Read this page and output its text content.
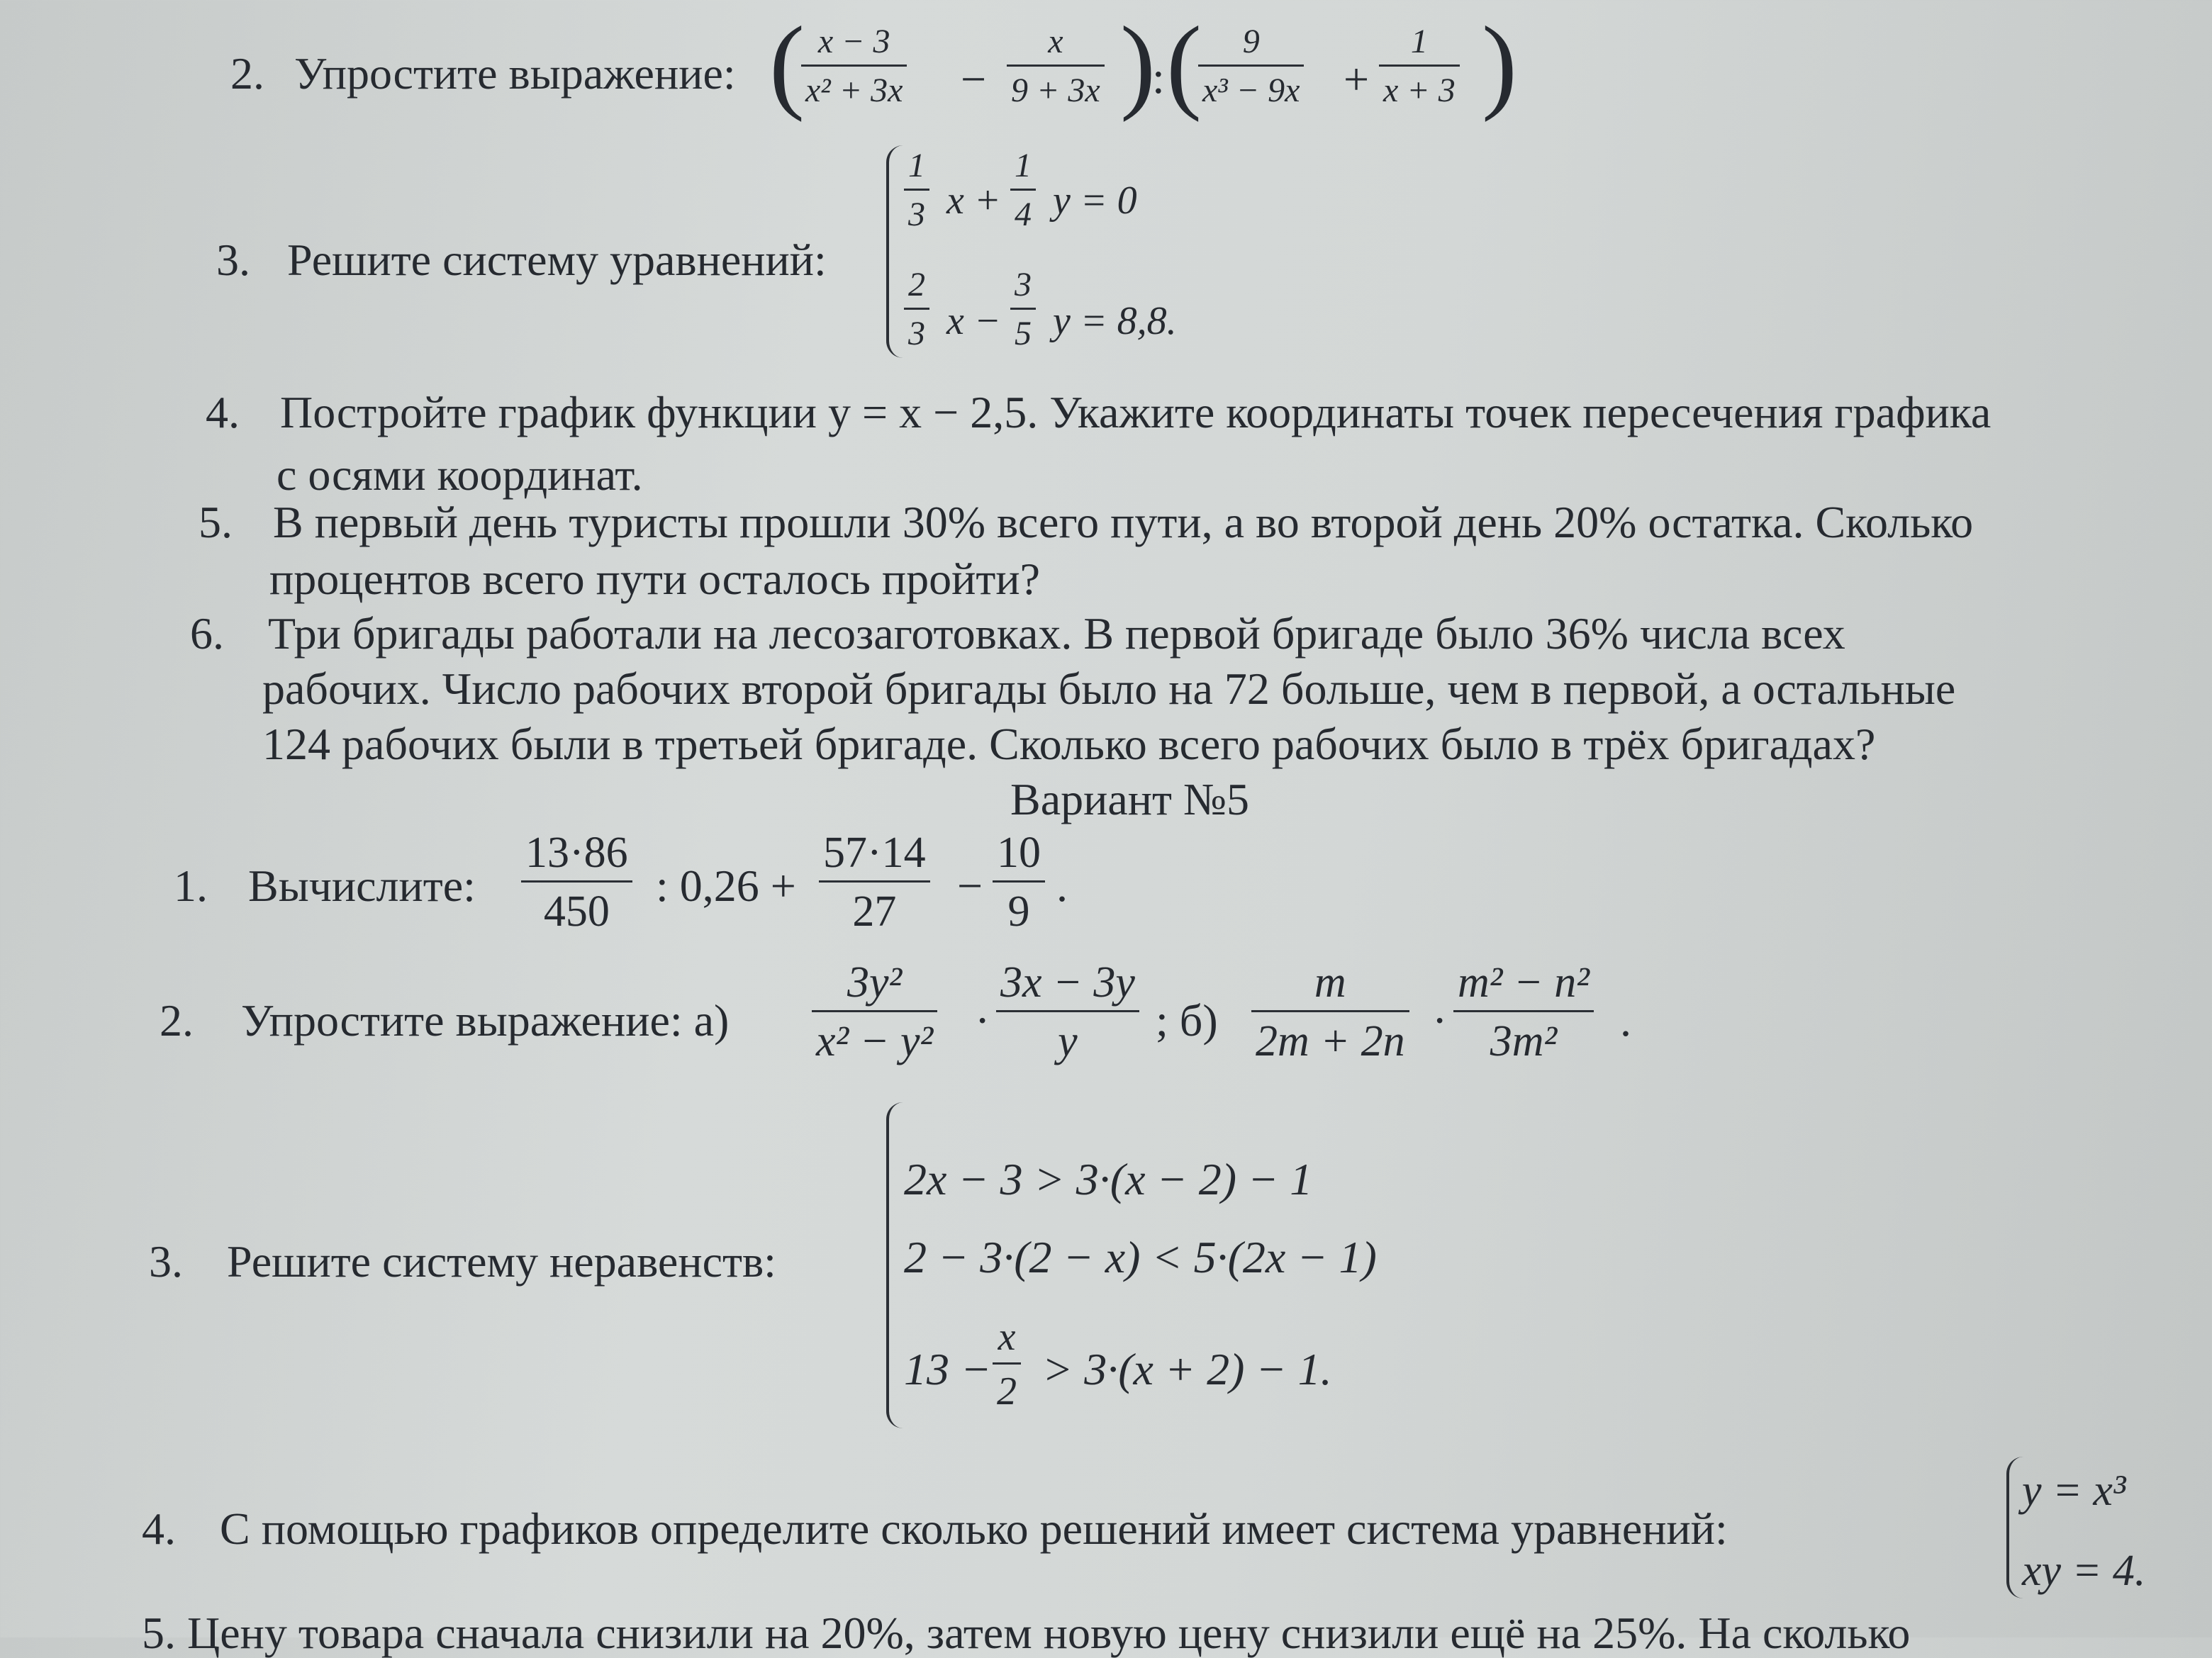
2. Упростите выражение: (
$\frac{x - 3}{\text{x² + 3x}} - \frac{x}{9 + 3x}$ )
: (
$\frac{9}{\text{x³ − 9x}} + \frac{1}{x + 3}$ )
3. Решите систему уравнений:
$\frac{1}{3}$ $x + \frac{1}{4}$ y = 0
$\frac{2}{3}$ $x - \frac{3}{5}$ y = 8,8.
4. Постройте график функции y = x − 2,5. Укажите координаты точек пересечения графика
с осями координат.
5. В первый день туристы прошли 30% всего пути, а во второй день 20% остатка. Сколько
процентов всего пути осталось пройти?
6. Три бригады работали на лесозаготовках. В первой бригаде было 36% числа всех
рабочих. Число рабочих второй бригады было на 72 больше, чем в первой, а остальные
124 рабочих были в третьей бригаде. Сколько всего рабочих было в трёх бригадах?
Вариант №5
1. Вычислите: $\frac{13\cdot 86}{450}$ : $0,26 + \frac{57\cdot 14}{27} - \frac{10}{9}$ .
2. Упростите выражение: $а) \frac{\text{3y²}}{\text{x² − y²}} \cdot \frac{3x - 3y}{y}$ ; $б) \frac{m}{2m + 2n} \cdot \frac{\text{m² − n²}}{\text{3m²}}$ .
3. Решите систему неравенств:
2x − 3 > 3·(x − 2) − 1
2 − 3·(2 − x) < 5·(2x − 1)
$13 - \frac{x}{2} > 3\cdot(x + 2) - 1$.
4. С помощью графиков определите сколько решений имеет система уравнений:
y = x³
xy = 4.
5. Цену товара сначала снизили на 20%, затем новую цену снизили ещё на 25%. На сколько
